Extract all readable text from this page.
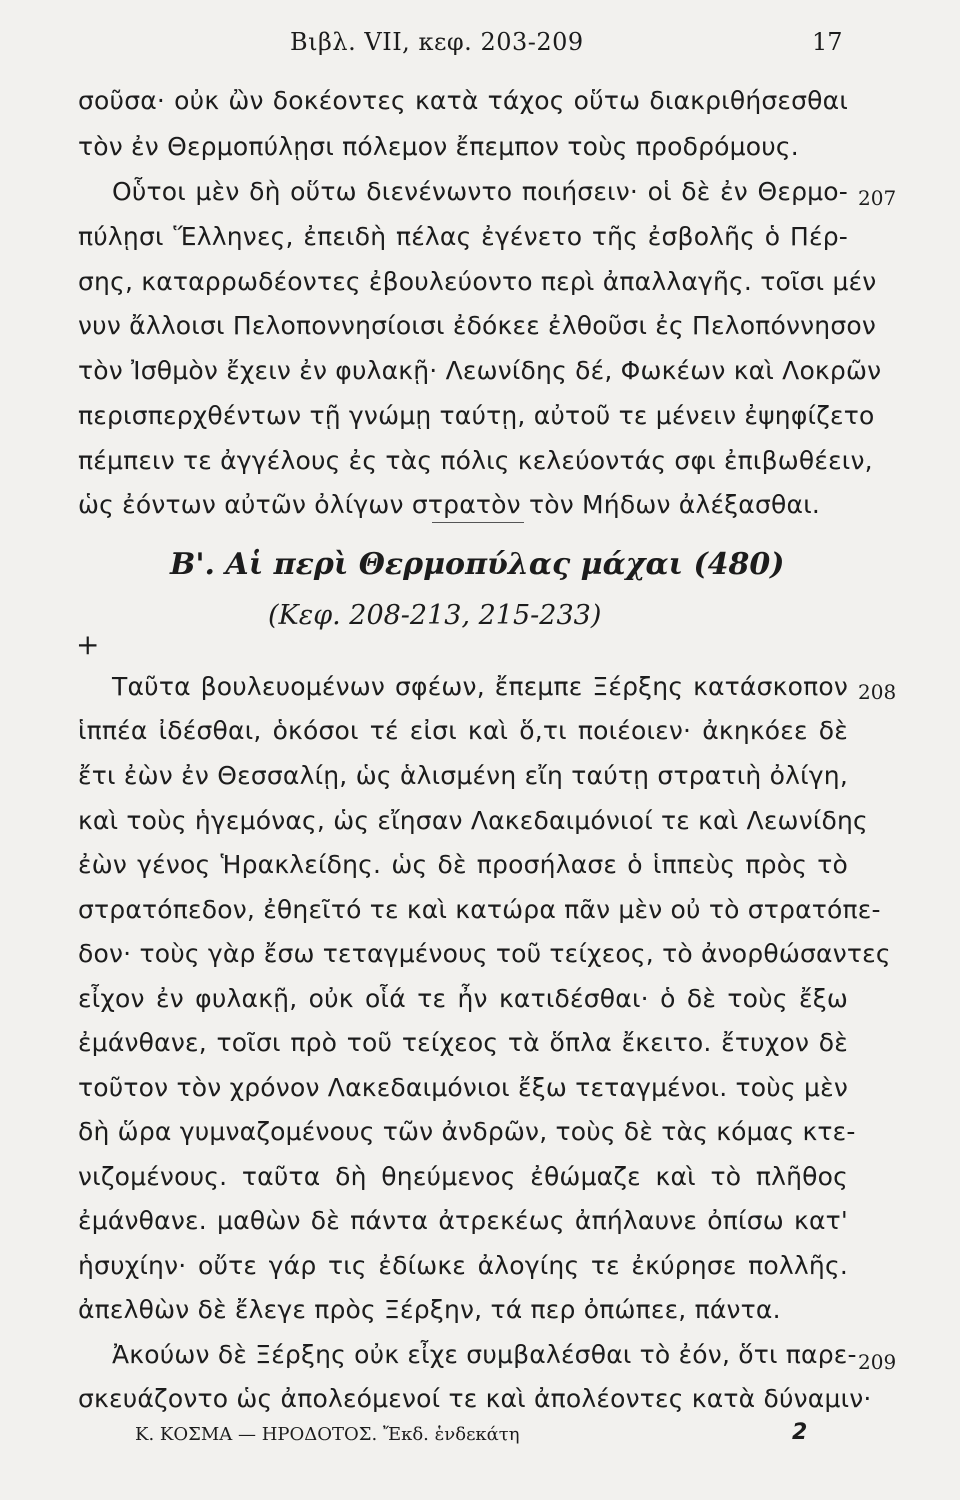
Βιβλ. VII, κεφ. 203-209	17
σοῦσα· οὐκ ὢν δοκέοντες κατὰ τάχος οὕτω διακριθήσεσθαι
τὸν ἐν Θερμοπύλῃσι πόλεμον ἔπεμπον τοὺς προδρόμους.
Οὗτοι μὲν δὴ οὕτω διενένωντο ποιήσειν· οἱ δὲ ἐν Θερμο-
πύλῃσι Ἕλληνες, ἐπειδὴ πέλας ἐγένετο τῆς ἐσβολῆς ὁ Πέρ-
σης, καταρρωδέοντες ἐβουλεύοντο περὶ ἀπαλλαγῆς. τοῖσι μέν
νυν ἄλλοισι Πελοποννησίοισι ἐδόκεε ἐλθοῦσι ἐς Πελοπόννησον
τὸν Ἰσθμὸν ἔχειν ἐν φυλακῇ· Λεωνίδης δέ, Φωκέων καὶ Λοκρῶν
περισπερχθέντων τῇ γνώμῃ ταύτῃ, αὐτοῦ τε μένειν ἐψηφίζετο
πέμπειν τε ἀγγέλους ἐς τὰς πόλις κελεύοντάς σφι ἐπιβωθέειν,
ὡς ἐόντων αὐτῶν ὀλίγων στρατὸν τὸν Μήδων ἀλέξασθαι.
Β'. Αἱ περὶ Θερμοπύλας μάχαι (480)
(Κεφ. 208-213, 215-233)
+
Ταῦτα βουλευομένων σφέων, ἔπεμπε Ξέρξης κατάσκοπον
ἱππέα ἰδέσθαι, ὁκόσοι τέ εἰσι καὶ ὅ,τι ποιέοιεν· ἀκηκόεε δὲ
ἔτι ἐὼν ἐν Θεσσαλίῃ, ὡς ἁλισμένη εἴη ταύτῃ στρατιὴ ὀλίγη,
καὶ τοὺς ἡγεμόνας, ὡς εἴησαν Λακεδαιμόνιοί τε καὶ Λεωνίδης
ἐὼν γένος Ἡρακλείδης. ὡς δὲ προσήλασε ὁ ἱππεὺς πρὸς τὸ
στρατόπεδον, ἐθηεῖτό τε καὶ κατώρα πᾶν μὲν οὐ τὸ στρατόπε-
δον· τοὺς γὰρ ἔσω τεταγμένους τοῦ τείχεος, τὸ ἀνορθώσαντες
εἶχον ἐν φυλακῇ, οὐκ οἷά τε ἦν κατιδέσθαι· ὁ δὲ τοὺς ἔξω
ἐμάνθανε, τοῖσι πρὸ τοῦ τείχεος τὰ ὅπλα ἔκειτο. ἔτυχον δὲ
τοῦτον τὸν χρόνον Λακεδαιμόνιοι ἔξω τεταγμένοι. τοὺς μὲν
δὴ ὥρα γυμναζομένους τῶν ἀνδρῶν, τοὺς δὲ τὰς κόμας κτε-
νιζομένους. ταῦτα δὴ θηεύμενος ἐθώμαζε καὶ τὸ πλῆθος
ἐμάνθανε. μαθὼν δὲ πάντα ἀτρεκέως ἀπήλαυνε ὀπίσω κατ'
ἡσυχίην· οὔτε γάρ τις ἐδίωκε ἀλογίης τε ἐκύρησε πολλῆς.
ἀπελθὼν δὲ ἔλεγε πρὸς Ξέρξην, τά περ ὀπώπεε, πάντα.
Ἀκούων δὲ Ξέρξης οὐκ εἶχε συμβαλέσθαι τὸ ἐόν, ὅτι παρε-
σκευάζοντο ὡς ἀπολεόμενοί τε καὶ ἀπολέοντες κατὰ δύναμιν·
207
208
209
Κ. ΚΟΣΜΑ — ΗΡΟΔΟΤΟΣ. Ἔκδ. ἑνδεκάτη	2
